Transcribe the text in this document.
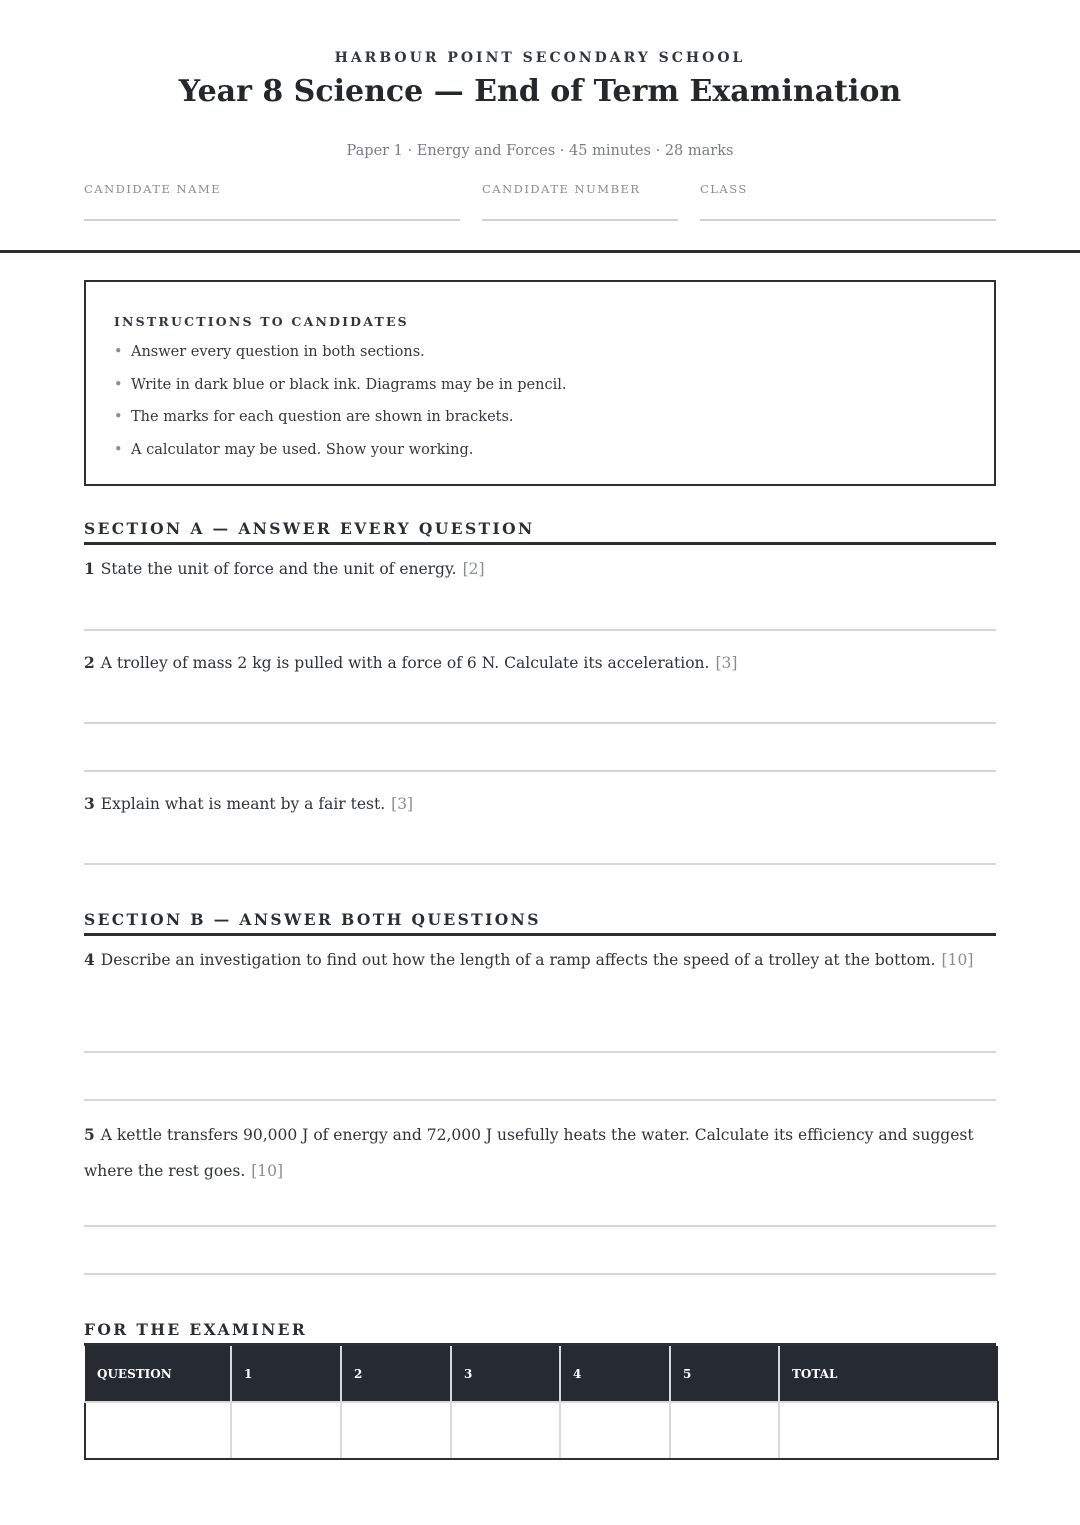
HARBOUR POINT SECONDARY SCHOOL
Year 8 Science — End of Term Examination
Paper 1 · Energy and Forces · 45 minutes · 28 marks
CANDIDATE NAME	CANDIDATE NUMBER	CLASS
INSTRUCTIONS TO CANDIDATES
• Answer every question in both sections.
• Write in dark blue or black ink. Diagrams may be in pencil.
• The marks for each question are shown in brackets.
• A calculator may be used. Show your working.
SECTION A — ANSWER EVERY QUESTION
1 State the unit of force and the unit of energy. [2]
2 A trolley of mass 2 kg is pulled with a force of 6 N. Calculate its acceleration. [3]
3 Explain what is meant by a fair test. [3]
SECTION B — ANSWER BOTH QUESTIONS
4 Describe an investigation to find out how the length of a ramp affects the speed of a trolley at the bottom. [10]
5 A kettle transfers 90,000 J of energy and 72,000 J usefully heats the water. Calculate its efficiency and suggest where the rest goes. [10]
FOR THE EXAMINER
QUESTION	1	2	3	4	5	TOTAL
